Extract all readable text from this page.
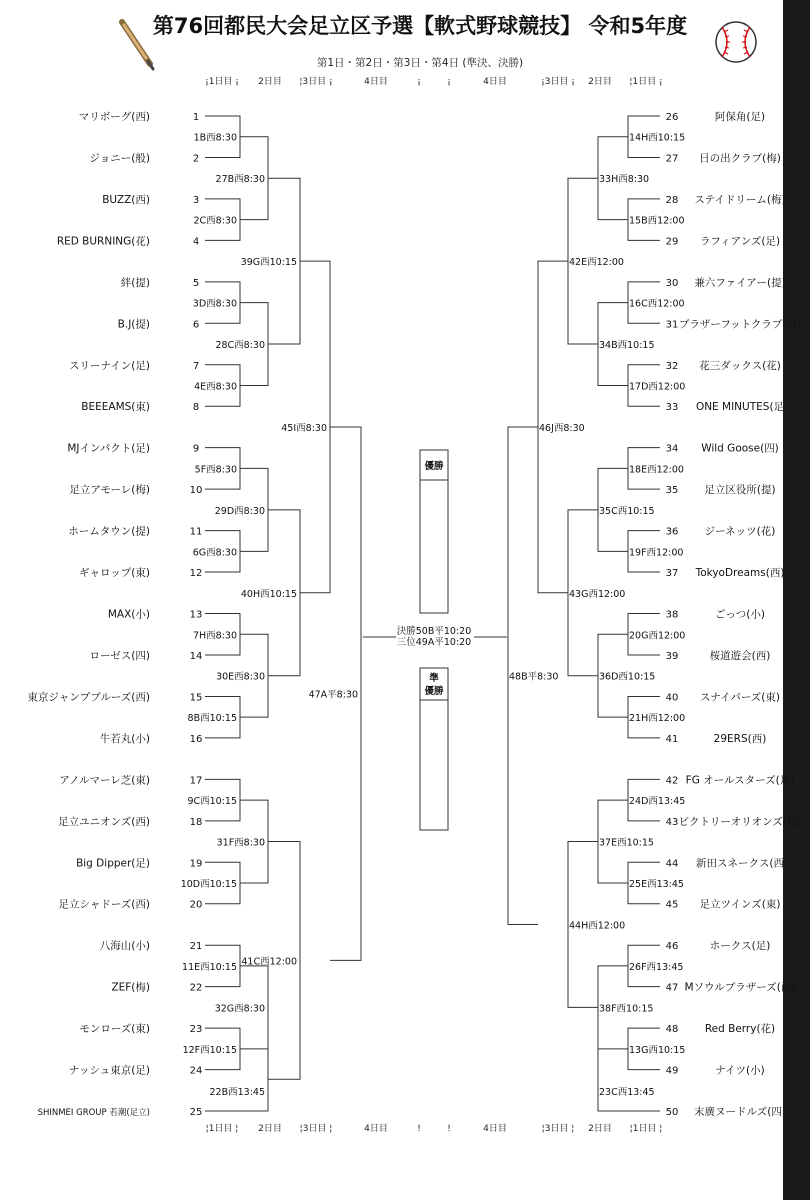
第76回都民大会足立区予選【軟式野球競技】 令和5年度
第1日・第2日・第3日・第4日 (準決、決勝)
¡1日目 ¡ 2日目 ¦3日目 ¡	4日目	¡	¡	4日目	¡3日目 ¡ 2日目 ¦1日目 ¡
¦1日目 ¦ 2日目 ¦3日目 ¦	4日目	!	!	4日目	¦3日目 ¦ 2日目 ¦1日目 ¦
優勝
準
優勝
決勝50B平10:20
三位49A平10:20
マリボーグ(西)	1
ジョニー(般)	2
BUZZ(西)	3
RED BURNING(花)	4
絆(提)	5
B.J(提)	6
スリーナイン(足)	7
BEEEAMS(東)	8
MJインパクト(足)	9
足立アモーレ(梅)	10
ホームタウン(提)	11
ギャロップ(東)	12
MAX(小)	13
ローゼス(四)	14
東京ジャンプブルーズ(西)	15
牛若丸(小)	16
アノルマーレ芝(東)	17
足立ユニオンズ(西)	18
Big Dipper(足)	19
足立シャドーズ(西)	20
八海山(小)	21
ZEF(梅)	22
モンローズ(東)	23
ナッシュ東京(足)	24
SHINMEI GROUP 若潮(足立)	25
26	阿保角(足)
27 日の出クラブ(梅)
28 ステイドリーム(梅)
29 ラフィアンズ(足)
30 兼六ファイアー(提)
31 ブラザーフットクラブ(梅)
32 花三ダックス(花)
33 ONE MINUTES(足
34 Wild Goose(四)
35 足立区役所(提)
36	ジーネッツ(花)
37 TokyoDreams(西)
38	ごっつ(小)
39	桜道遊会(西)
40 スナイパーズ(東)
41	29ERS(西)
42 FG オールスターズ(足)
43 ビクトリーオリオンズ(梅)
44 新田スネークス(西
45 足立ツインズ(東)
46	ホークス(足)
47 Mソウルブラザーズ(西)
48	Red Berry(花)
49	ナイツ(小)
50 末廣ヌードルズ(四)
1B西8:30
2C西8:30
3D西8:30
4E西8:30
5F西8:30
6G西8:30
7H西8:30
8B西10:15
9C西10:15
10D西10:15
11E西10:15
12F西10:15
27B西8:30
28C西8:30
29D西8:30
30E西8:30
31F西8:30
32G西8:30
22B西13:45
39G西10:15
40H西10:15
41C西12:00
45I西8:30
47A平8:30
14H西10:15
15B西12:00
16C西12:00
17D西12:00
18E西12:00
19F西12:00
20G西12:00
21H西12:00
24D西13:45
25E西13:45
26F西13:45
13G西10:15
23C西13:45
33H西8:30
34B西10:15
35C西10:15
36D西10:15
37E西10:15
38F西10:15
42E西12:00
43G西12:00
44H西12:00
46J西8:30
48B平8:30
